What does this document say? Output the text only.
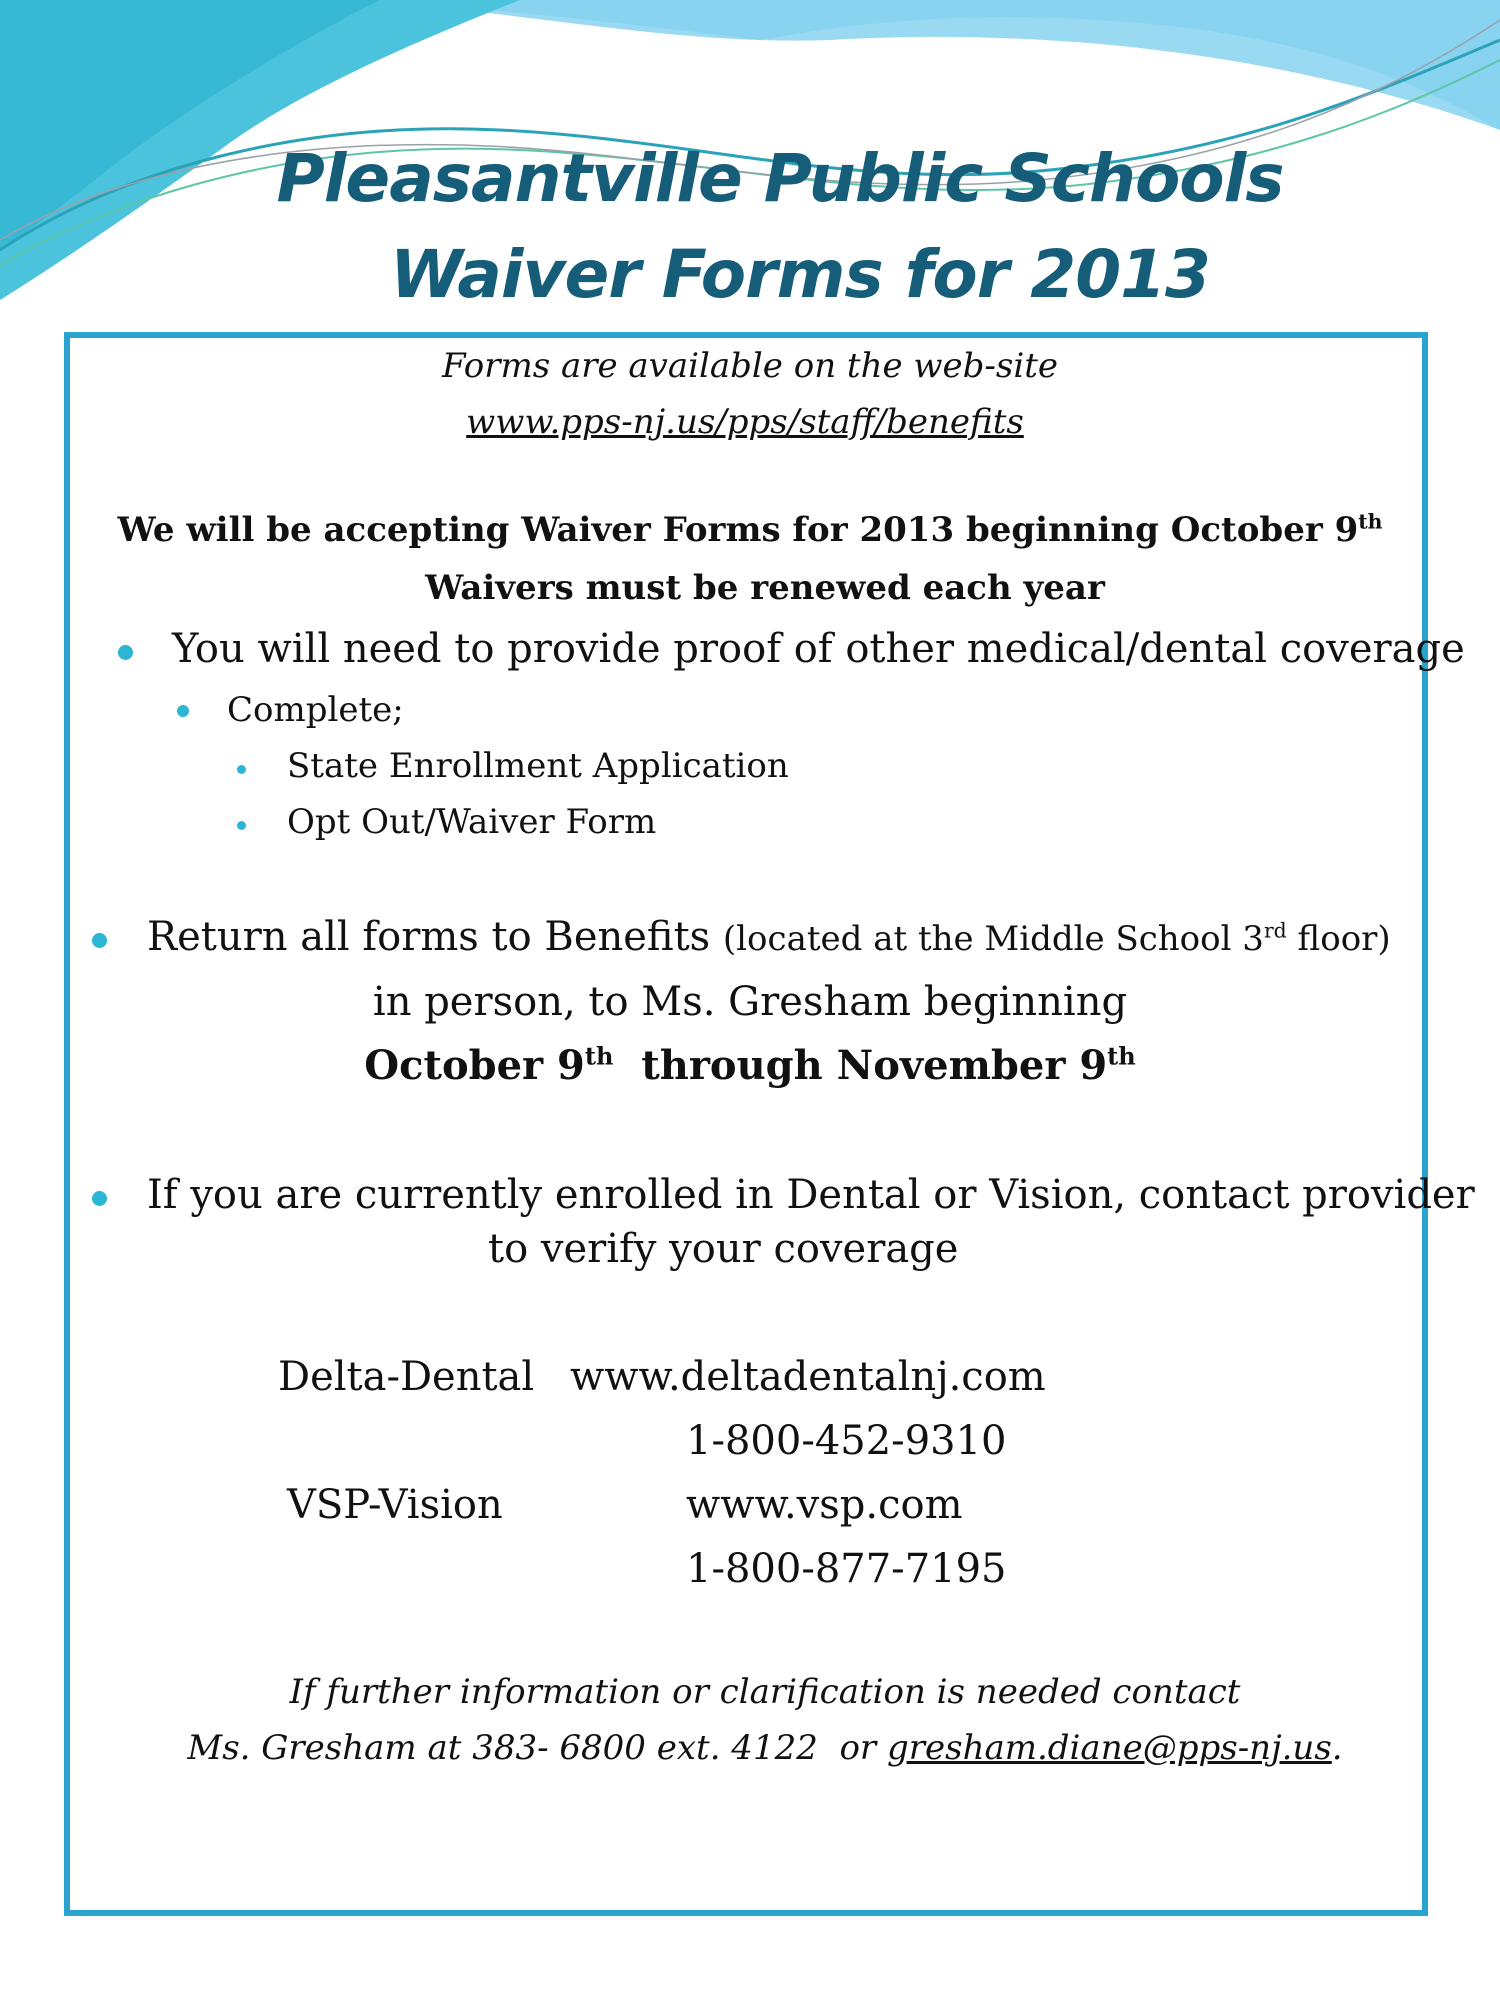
Pleasantville Public Schools
Waiver Forms for 2013
Forms are available on the web-site
www.pps-nj.us/pps/staff/benefits
We will be accepting Waiver Forms for 2013 beginning October 9th
Waivers must be renewed each year
You will need to provide proof of other medical/dental coverage
Complete;
State Enrollment Application
Opt Out/Waiver Form
Return all forms to Benefits (located at the Middle School 3rd floor)
in person, to Ms. Gresham beginning
October 9th  through November 9th
If you are currently enrolled in Dental or Vision, contact provider
to verify your coverage
Delta-Dental www.deltadentalnj.com
1-800-452-9310
VSP-Vision	www.vsp.com
1-800-877-7195
If further information or clarification is needed contact
Ms. Gresham at 383- 6800 ext. 4122  or gresham.diane@pps-nj.us.
